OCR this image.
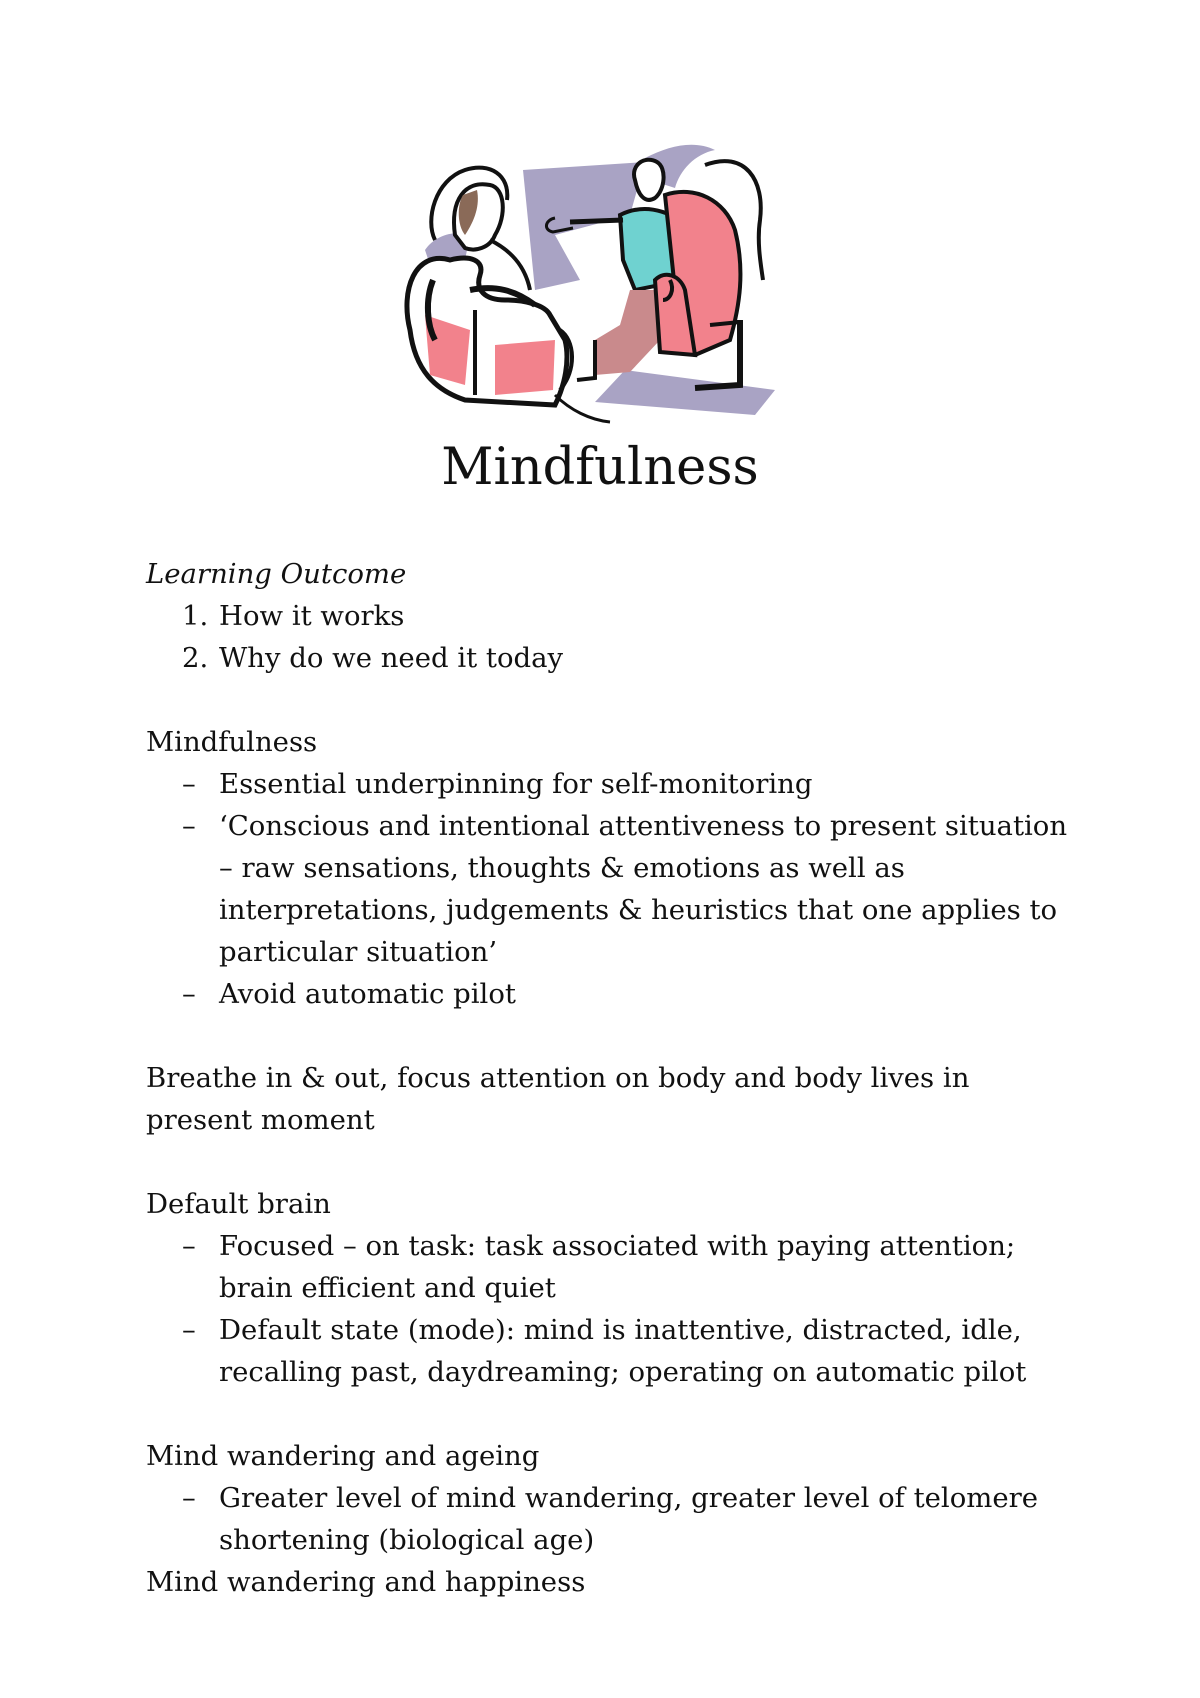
Mindfulness

Learning Outcome

1. How it works
2. Why do we need it today

Mindfulness

– Essential underpinning for self-monitoring
– ‘Conscious and intentional attentiveness to present situation – raw sensations, thoughts & emotions as well as interpretations, judgements & heuristics that one applies to particular situation’
– Avoid automatic pilot

Breathe in & out, focus attention on body and body lives in present moment

Default brain

– Focused – on task: task associated with paying attention; brain efficient and quiet
– Default state (mode): mind is inattentive, distracted, idle, recalling past, daydreaming; operating on automatic pilot

Mind wandering and ageing

– Greater level of mind wandering, greater level of telomere shortening (biological age)

Mind wandering and happiness
